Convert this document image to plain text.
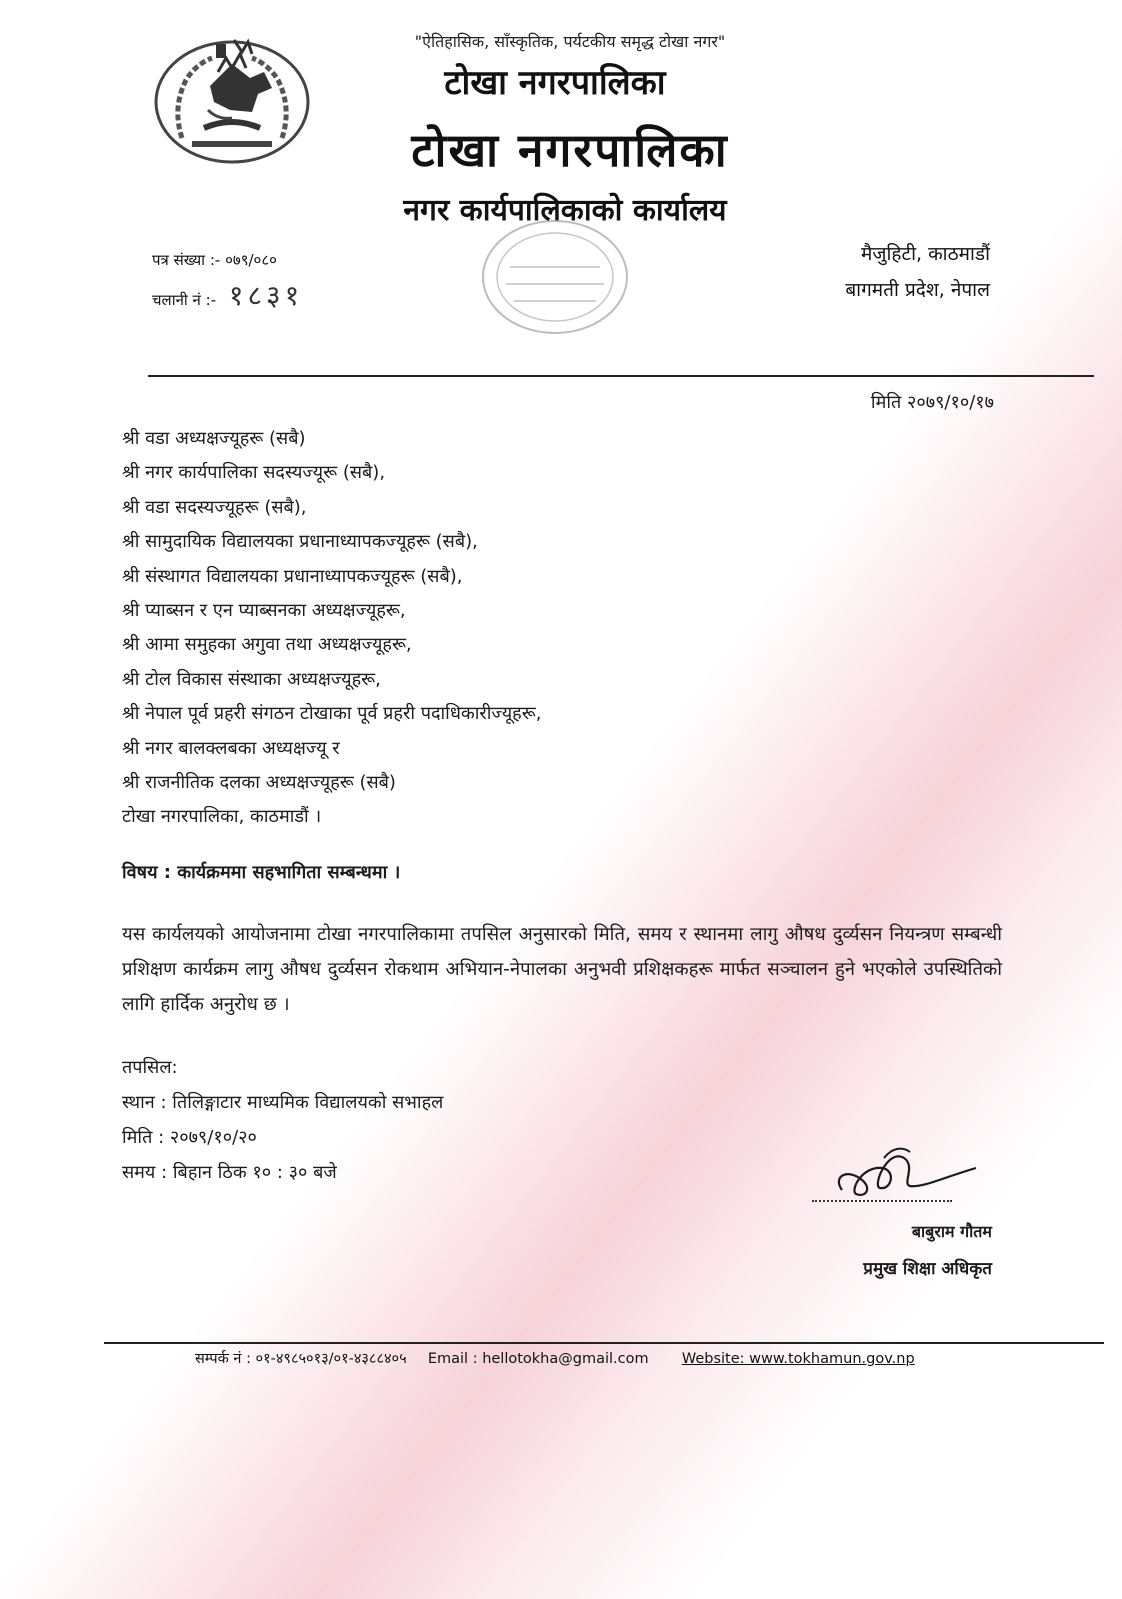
"ऐतिहासिक, साँस्कृतिक, पर्यटकीय समृद्ध टोखा नगर"
टोखा नगरपालिका
टोखा नगरपालिका
नगर कार्यपालिकाको कार्यालय
पत्र संख्या :- ०७९/०८०
चलानी नं :- १८३१
मैजुहिटी, काठमाडौं
बागमती प्रदेश, नेपाल
मिति २०७९/१०/१७
श्री वडा अध्यक्षज्यूहरू (सबै)
श्री नगर कार्यपालिका सदस्यज्यूरू (सबै),
श्री वडा सदस्यज्यूहरू (सबै),
श्री सामुदायिक विद्यालयका प्रधानाध्यापकज्यूहरू (सबै),
श्री संस्थागत विद्यालयका प्रधानाध्यापकज्यूहरू (सबै),
श्री प्याब्सन र एन प्याब्सनका अध्यक्षज्यूहरू,
श्री आमा समुहका अगुवा तथा अध्यक्षज्यूहरू,
श्री टोल विकास संस्थाका अध्यक्षज्यूहरू,
श्री नेपाल पूर्व प्रहरी संगठन टोखाका पूर्व प्रहरी पदाधिकारीज्यूहरू,
श्री नगर बालक्लबका अध्यक्षज्यू र
श्री राजनीतिक दलका अध्यक्षज्यूहरू (सबै)
टोखा नगरपालिका, काठमाडौं ।
विषय : कार्यक्रममा सहभागिता सम्बन्धमा ।

यस कार्यलयको आयोजनामा टोखा नगरपालिकामा तपसिल अनुसारको मिति, समय र स्थानमा लागु औषध दुर्व्यसन नियन्त्रण सम्बन्धी प्रशिक्षण कार्यक्रम लागु औषध दुर्व्यसन रोकथाम अभियान-नेपालका अनुभवी प्रशिक्षकहरू मार्फत सञ्चालन हुने भएकोले उपस्थितिको लागि हार्दिक अनुरोध छ ।

तपसिल:
स्थान : तिलिङ्गाटार माध्यमिक विद्यालयको सभाहल
मिति : २०७९/१०/२०
समय : बिहान ठिक १० : ३० बजे
बाबुराम गौतम
प्रमुख शिक्षा अधिकृत
सम्पर्क नं : ०१-४९८५०१३/०१-४३८८४०५ Email : hellotokha@gmail.com Website: www.tokhamun.gov.np
